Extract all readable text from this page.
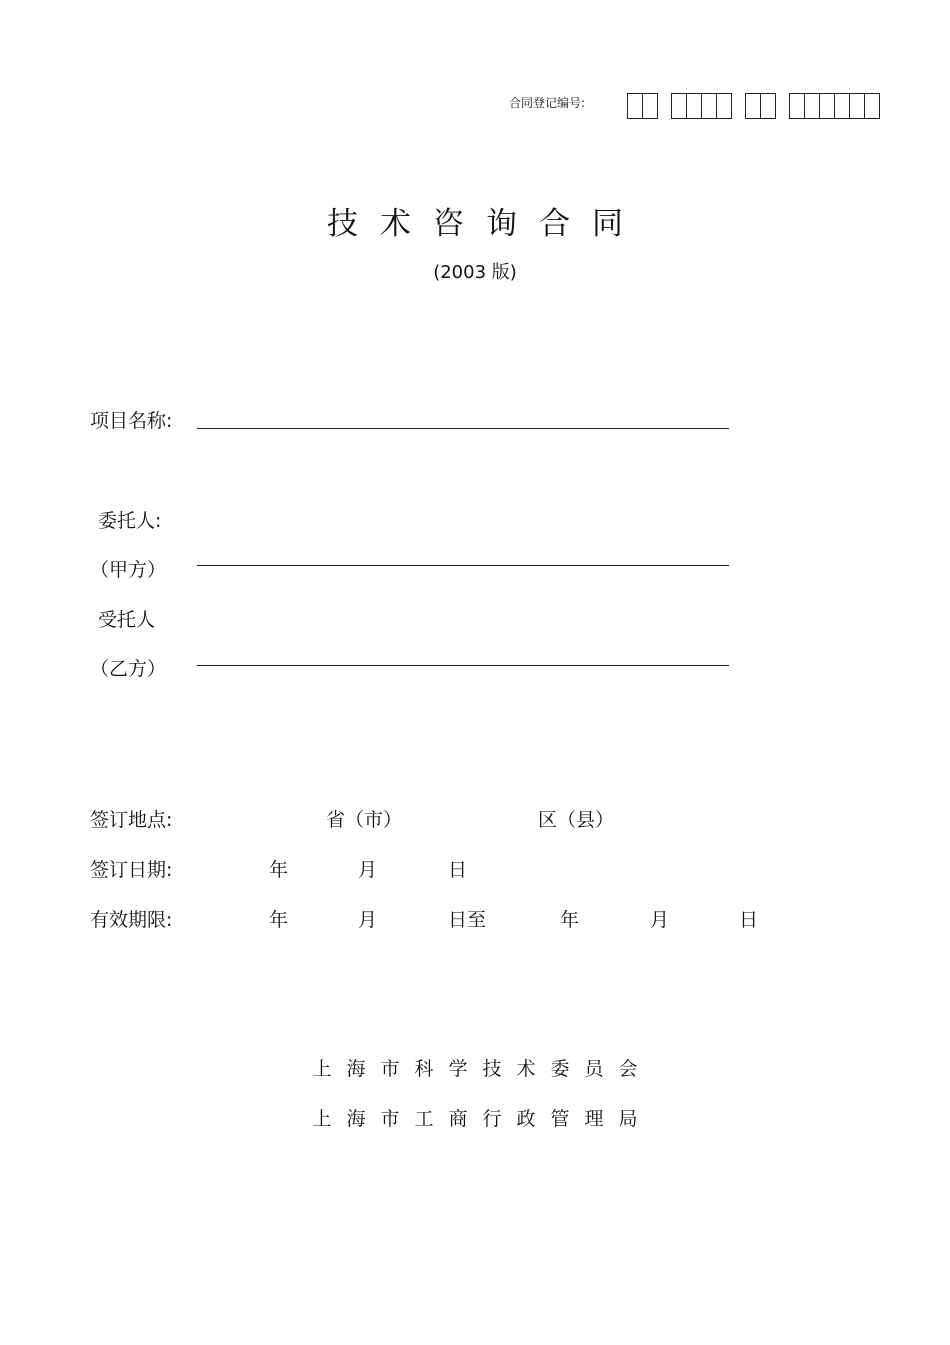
合同登记编号:
技术咨询合同
(2003 版)
项目名称:
委托人:
（甲方）
受托人
（乙方）
签订地点:	省（市）	区（县）
签订日期:	年	月	日
有效期限:	年	月	日至	年	月	日
上海市科学技术委员会
上海市工商行政管理局
